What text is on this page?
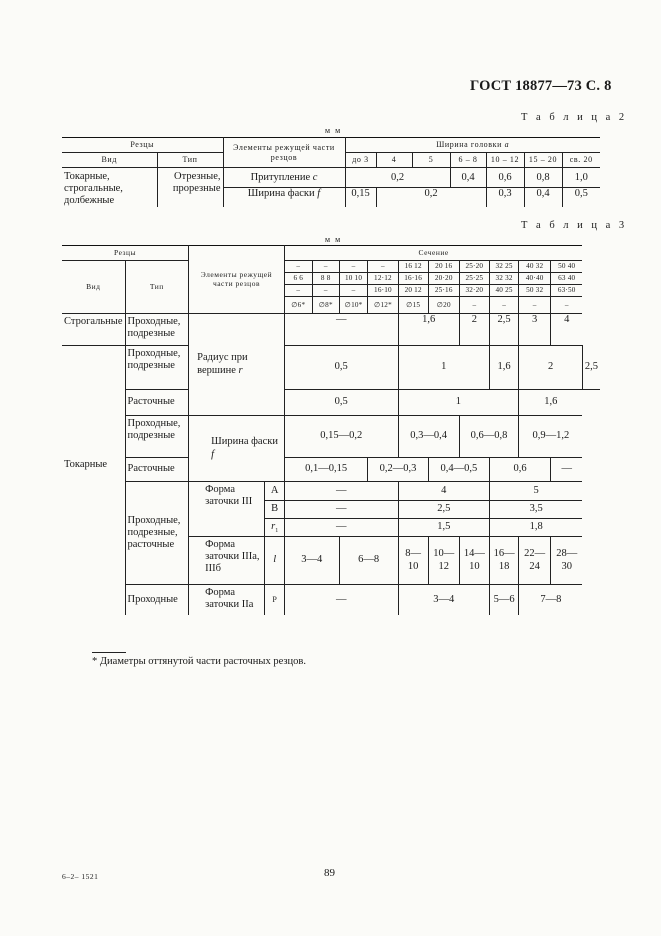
ГОСТ 18877—73 С. 8
Т а б л и ц а 2
м м
Резцы		Элементы режущей части резцов	Ширина головки a						
Вид	Тип		до 3	4	5	6 – 8	10 – 12	15 – 20	св. 20
Токарные, строгальные, долбежные	Отрезные, прорезные	Притупление c	0,2			0,4	0,6	0,8	1,0
		Ширина фаски f	0,15	0,2			0,3	0,4	0,5
Т а б л и ц а 3
м м
Резцы		Элементы режущей части резцов		Сечение										
Вид	Тип			–	–	–	–	16 12	20 16	25·20	32 25	40 32	50 40	
				6 6	8 8	10 10	12·12	16·16	20·20	25·25	32 32	40·40	63 40	
				–	–	–	16·10	20 12	25·16	32·20	40 25	50 32	63·50	
				∅6*	∅8*	∅10*	∅12*	∅15	∅20	–	–	–	–	
Строгальные	Проходные, подрезные	Радиус при вершине r		—				1,6		2	2,5	3	4	
Токарные	Проходные, подрезные			0,5				1			1,6	2		2,5
	Расточные			0,5				1				1,6		
	Проходные, подрезные	Ширина фаски f		0,15—0,2				0,3—0,4		0,6—0,8		0,9—1,2		
	Расточные			0,1—0,15			0,2—0,3		0,4—0,5		0,6		—	
	Проходные, подрезные, расточные	Форма заточки III	A	—				4			5			
			B	—				2,5			3,5			
			$r_1$	—				1,5			1,8			
		Форма заточки IIIа, IIIб	l	3—4		6—8		8—10	10—12	14—10	16—18	22—24	28—30	
	Проходные	Форма заточки IIа	P	—				3—4			5—6	7—8		
* Диаметры оттянутой части расточных резцов.
89
6–2– 1521
